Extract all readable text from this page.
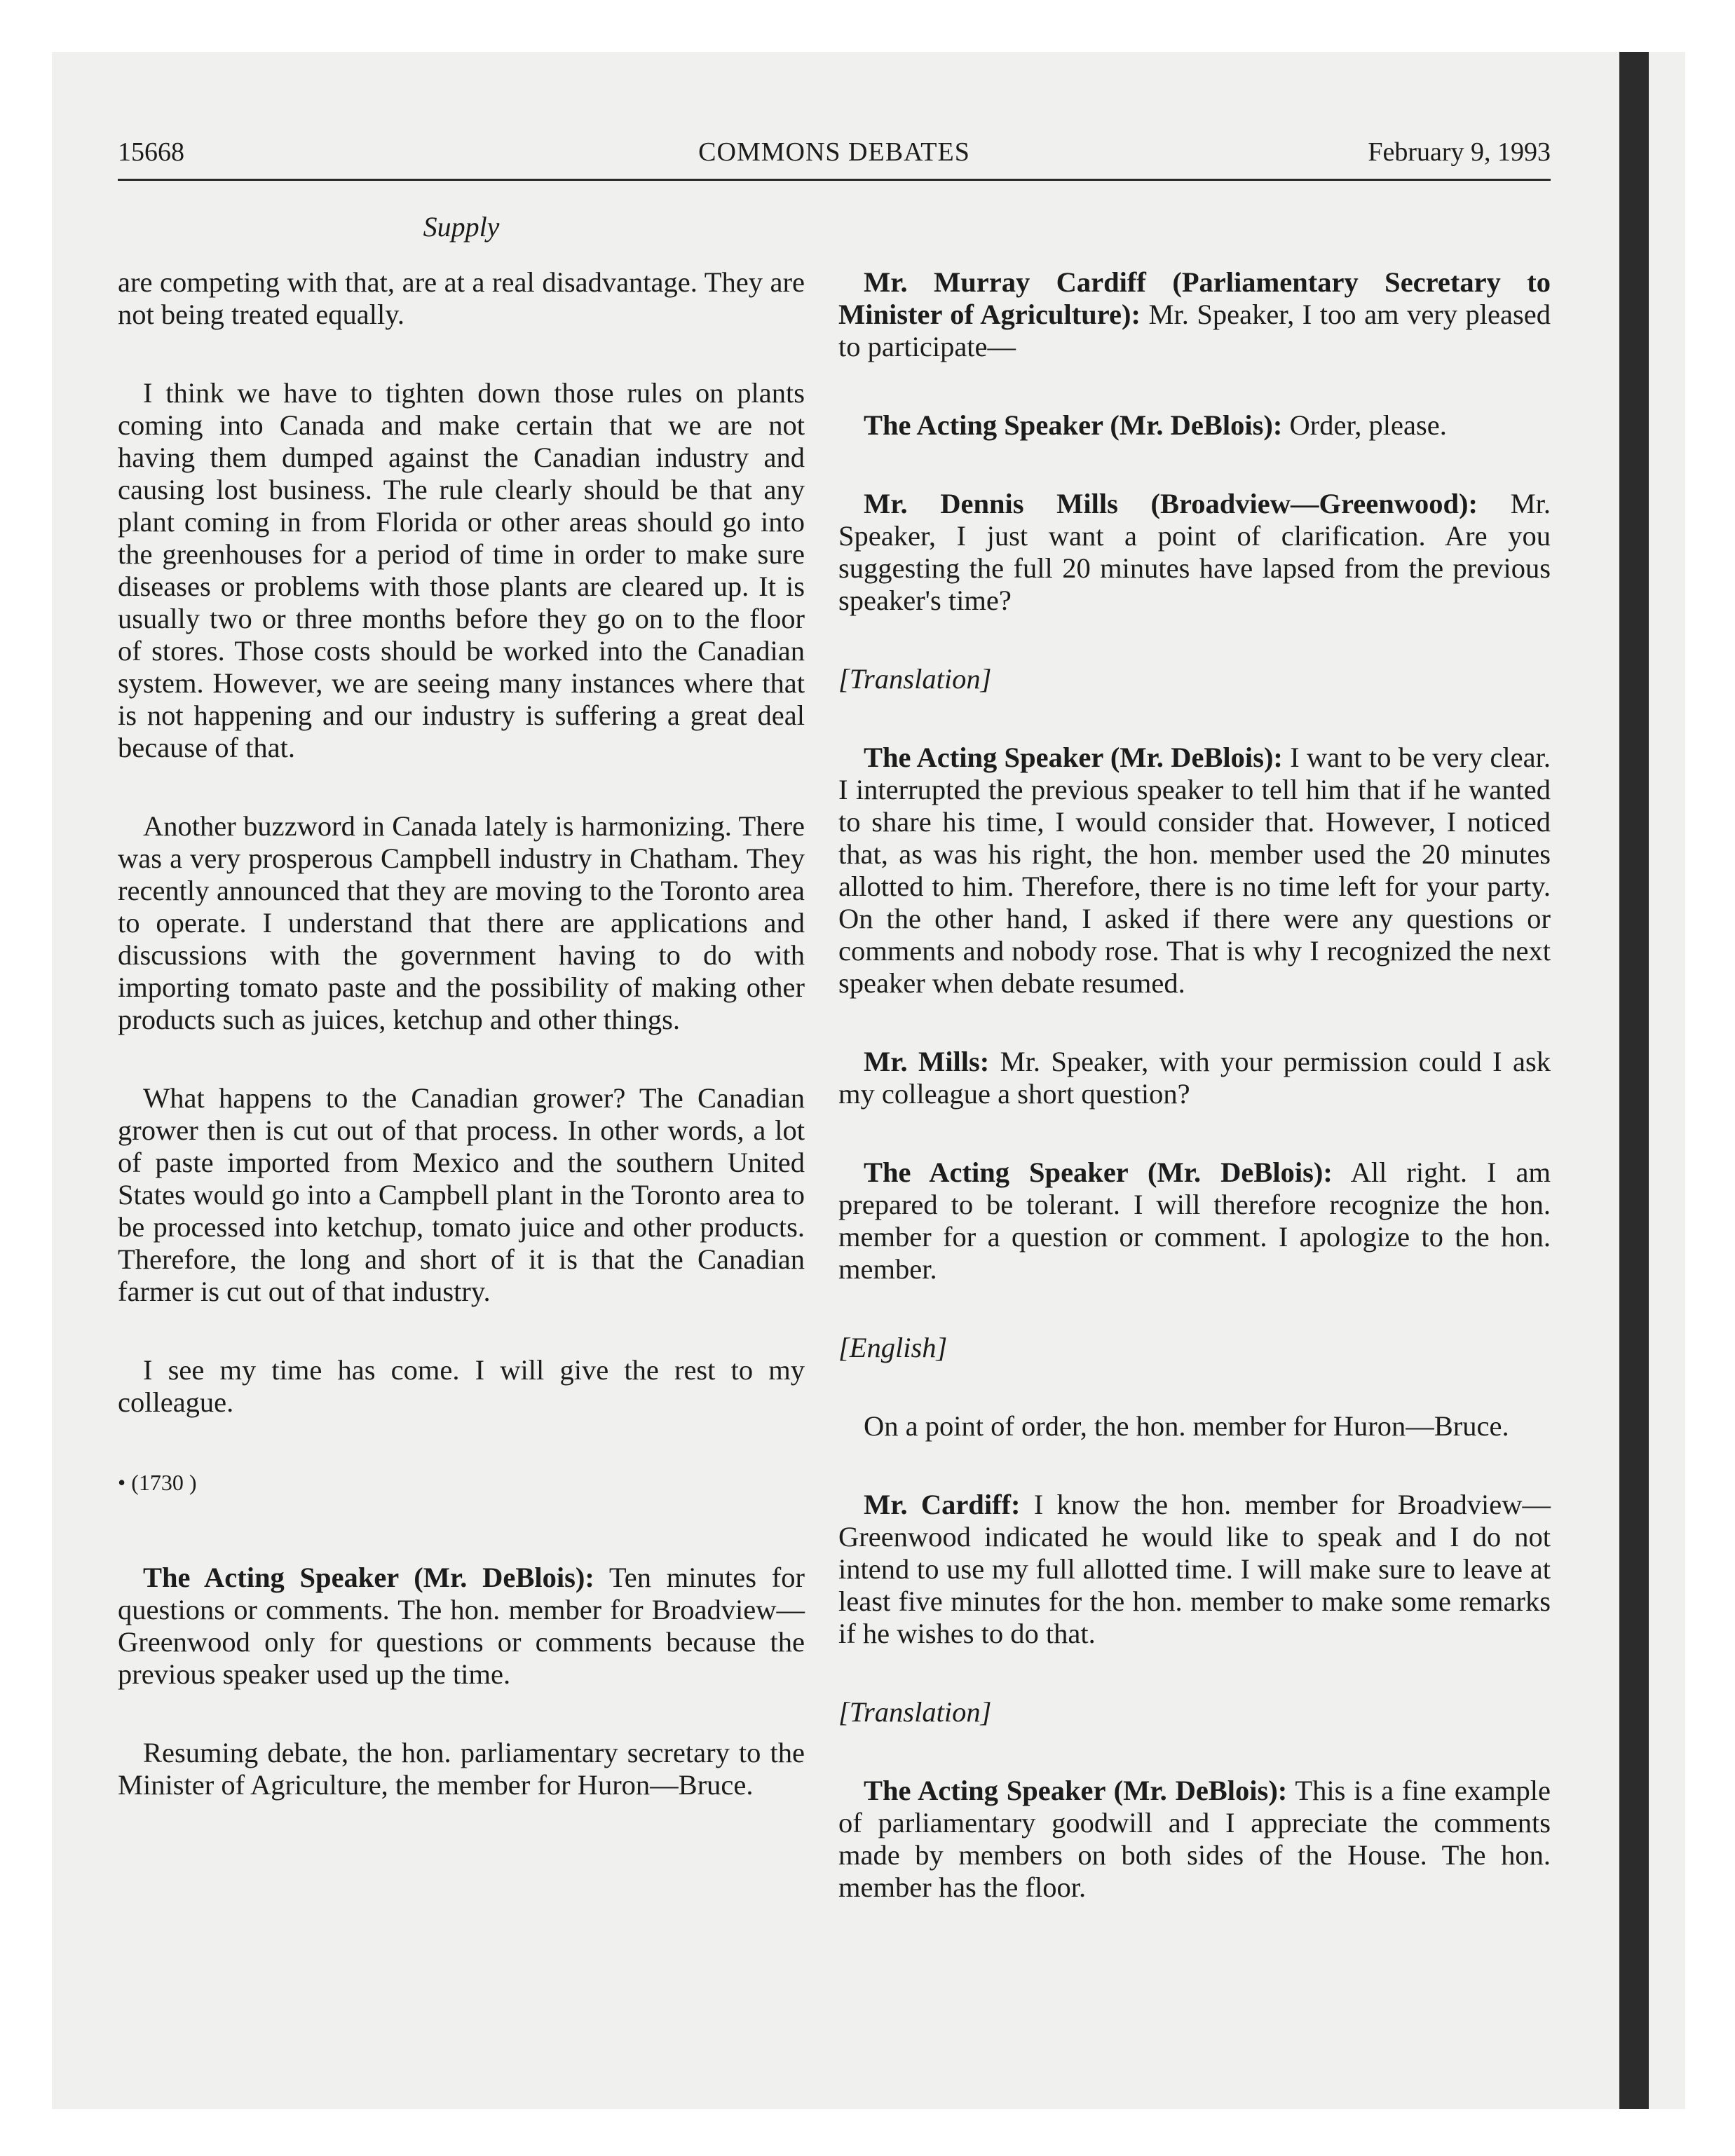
15668	COMMONS DEBATES	February 9, 1993
Supply

are competing with that, are at a real disadvantage. They are not being treated equally.

I think we have to tighten down those rules on plants coming into Canada and make certain that we are not having them dumped against the Canadian industry and causing lost business. The rule clearly should be that any plant coming in from Florida or other areas should go into the greenhouses for a period of time in order to make sure diseases or problems with those plants are cleared up. It is usually two or three months before they go on to the floor of stores. Those costs should be worked into the Canadian system. However, we are seeing many instances where that is not happening and our industry is suffering a great deal because of that.

Another buzzword in Canada lately is harmonizing. There was a very prosperous Campbell industry in Chatham. They recently announced that they are moving to the Toronto area to operate. I understand that there are applications and discussions with the government having to do with importing tomato paste and the possibility of making other products such as juices, ketchup and other things.

What happens to the Canadian grower? The Canadian grower then is cut out of that process. In other words, a lot of paste imported from Mexico and the southern United States would go into a Campbell plant in the Toronto area to be processed into ketchup, tomato juice and other products. Therefore, the long and short of it is that the Canadian farmer is cut out of that industry.

I see my time has come. I will give the rest to my colleague.

• (1730 )

The Acting Speaker (Mr. DeBlois): Ten minutes for questions or comments. The hon. member for Broadview—Greenwood only for questions or comments because the previous speaker used up the time.

Resuming debate, the hon. parliamentary secretary to the Minister of Agriculture, the member for Huron—Bruce.

Mr. Murray Cardiff (Parliamentary Secretary to Minister of Agriculture): Mr. Speaker, I too am very pleased to participate—

The Acting Speaker (Mr. DeBlois): Order, please.

Mr. Dennis Mills (Broadview—Greenwood): Mr. Speaker, I just want a point of clarification. Are you suggesting the full 20 minutes have lapsed from the previous speaker's time?

[Translation]

The Acting Speaker (Mr. DeBlois): I want to be very clear. I interrupted the previous speaker to tell him that if he wanted to share his time, I would consider that. However, I noticed that, as was his right, the hon. member used the 20 minutes allotted to him. Therefore, there is no time left for your party. On the other hand, I asked if there were any questions or comments and nobody rose. That is why I recognized the next speaker when debate resumed.

Mr. Mills: Mr. Speaker, with your permission could I ask my colleague a short question?

The Acting Speaker (Mr. DeBlois): All right. I am prepared to be tolerant. I will therefore recognize the hon. member for a question or comment. I apologize to the hon. member.

[English]

On a point of order, the hon. member for Huron—Bruce.

Mr. Cardiff: I know the hon. member for Broadview—Greenwood indicated he would like to speak and I do not intend to use my full allotted time. I will make sure to leave at least five minutes for the hon. member to make some remarks if he wishes to do that.

[Translation]

The Acting Speaker (Mr. DeBlois): This is a fine example of parliamentary goodwill and I appreciate the comments made by members on both sides of the House. The hon. member has the floor.
